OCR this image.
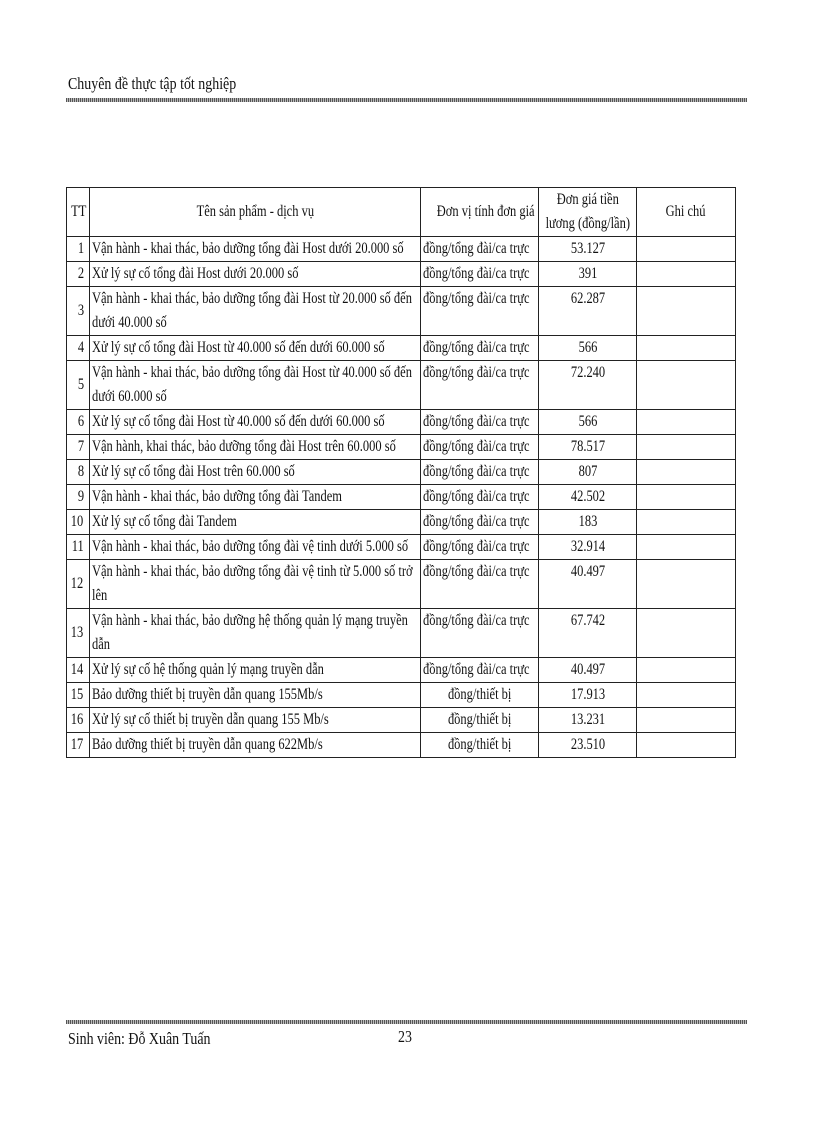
Chuyên đề thực tập tốt nghiệp
TT	Tên sản phẩm - dịch vụ	Đơn vị tính đơn giá	Đơn giá tiền lương (đồng/lần)	Ghi chú
1	Vận hành - khai thác, bảo dưỡng tổng đài Host dưới 20.000 số	đồng/tổng đài/ca trực	53.127	
2	Xử lý sự cố tổng đài Host dưới 20.000 số	đồng/tổng đài/ca trực	391	
3	Vận hành - khai thác, bảo dưỡng tổng đài Host từ 20.000 số đến dưới 40.000 số	đồng/tổng đài/ca trực	62.287	
4	Xử lý sự cố tổng đài Host từ 40.000 số đến dưới 60.000 số	đồng/tổng đài/ca trực	566	
5	Vận hành - khai thác, bảo dưỡng tổng đài Host từ 40.000 số đến dưới 60.000 số	đồng/tổng đài/ca trực	72.240	
6	Xử lý sự cố tổng đài Host từ 40.000 số đến dưới 60.000 số	đồng/tổng đài/ca trực	566	
7	Vận hành, khai thác, bảo dưỡng tổng đài Host trên 60.000 số	đồng/tổng đài/ca trực	78.517	
8	Xử lý sự cố tổng đài Host trên 60.000 số	đồng/tổng đài/ca trực	807	
9	Vận hành - khai thác, bảo dưỡng tổng đài Tandem	đồng/tổng đài/ca trực	42.502	
10	Xử lý sự cố tổng đài Tandem	đồng/tổng đài/ca trực	183	
11	Vận hành - khai thác, bảo dưỡng tổng đài vệ tinh dưới 5.000 số	đồng/tổng đài/ca trực	32.914	
12	Vận hành - khai thác, bảo dưỡng tổng đài vệ tinh từ 5.000 số trở lên	đồng/tổng đài/ca trực	40.497	
13	Vận hành - khai thác, bảo dưỡng hệ thống quản lý mạng truyền dẫn	đồng/tổng đài/ca trực	67.742	
14	Xử lý sự cố hệ thống quản lý mạng truyền dẫn	đồng/tổng đài/ca trực	40.497	
15	Bảo dưỡng thiết bị truyền dẫn quang 155Mb/s	đồng/thiết bị	17.913	
16	Xử lý sự cố thiết bị truyền dẫn quang 155 Mb/s	đồng/thiết bị	13.231	
17	Bảo dưỡng thiết bị truyền dẫn quang 622Mb/s	đồng/thiết bị	23.510	
Sinh viên: Đỗ Xuân Tuấn	23
